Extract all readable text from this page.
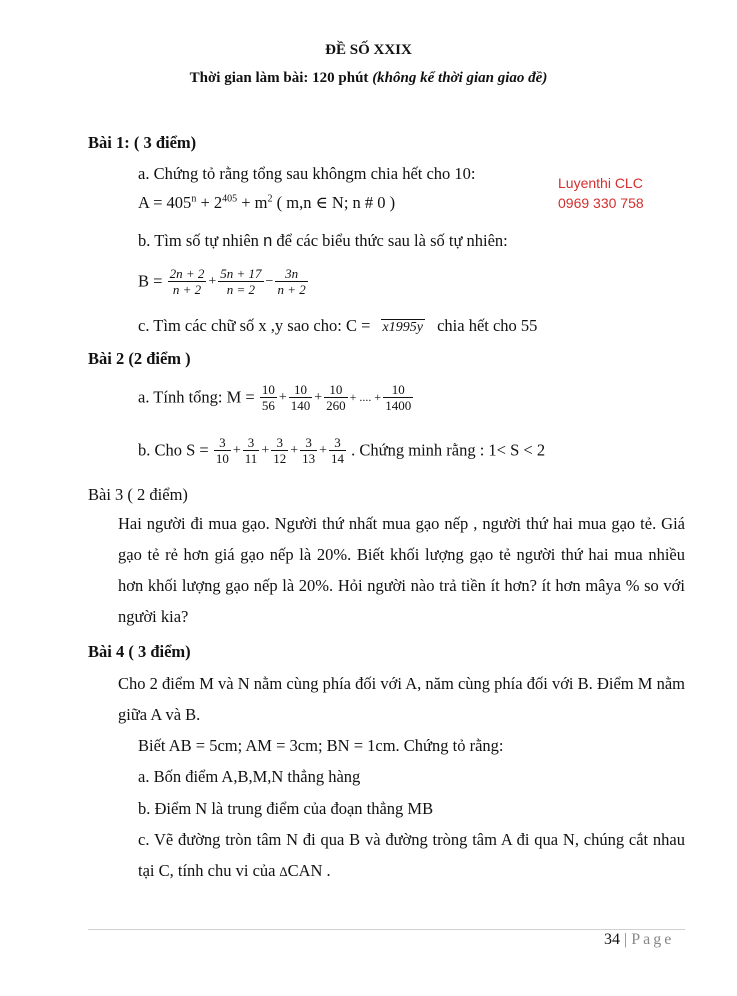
ĐỀ SỐ XXIX
Thời gian làm bài: 120 phút (không kể thời gian giao đề)
Luyenthi CLC
0969 330 758
Bài 1: ( 3 điểm)
a. Chứng tỏ rằng tổng sau khôngm chia hết cho 10:
$A = 405^n + 2^{405} + m^2$ ( m,n ∈ N; n # 0 )
b. Tìm số tự nhiên n để các biểu thức sau là số tự nhiên:
$B = \frac{2n + 2}{n + 2} + \frac{5n + 17}{n = 2} - \frac{3n}{n + 2}$
c. Tìm các chữ số x ,y sao cho: C = x1995y chia hết cho 55
Bài 2 (2 điểm )
a. Tính tổng: $M = \frac{10}{56} + \frac{10}{140} + \frac{10}{260}$ + .... + $\frac{10}{1400}$
b. Cho $S = \frac{3}{10} + \frac{3}{11} + \frac{3}{12} + \frac{3}{13} + \frac{3}{14}$ . Chứng minh rằng : 1< S < 2
Bài 3 ( 2 điểm)
Hai người đi mua gạo. Người thứ nhất mua gạo nếp , người thứ hai mua gạo tẻ. Giá gạo tẻ rẻ hơn giá gạo nếp là 20%. Biết khối lượng gạo tẻ người thứ hai mua nhiều hơn khối lượng gạo nếp là 20%. Hỏi người nào trả tiền ít hơn? ít hơn mâya % so với người kia?
Bài 4 ( 3 điểm)
Cho 2 điểm M và N nằm cùng phía đối với A, năm cùng phía đối với B. Điểm M nằm giữa A và B.
Biết AB = 5cm; AM = 3cm; BN = 1cm. Chứng tỏ rằng:
a. Bốn điểm A,B,M,N thẳng hàng
b. Điểm N là trung điểm của đoạn thẳng MB
c. Vẽ đường tròn tâm N đi qua B và đường tròng tâm A đi qua N, chúng cắt nhau tại C, tính chu vi của ∆CAN .
34 | Page
